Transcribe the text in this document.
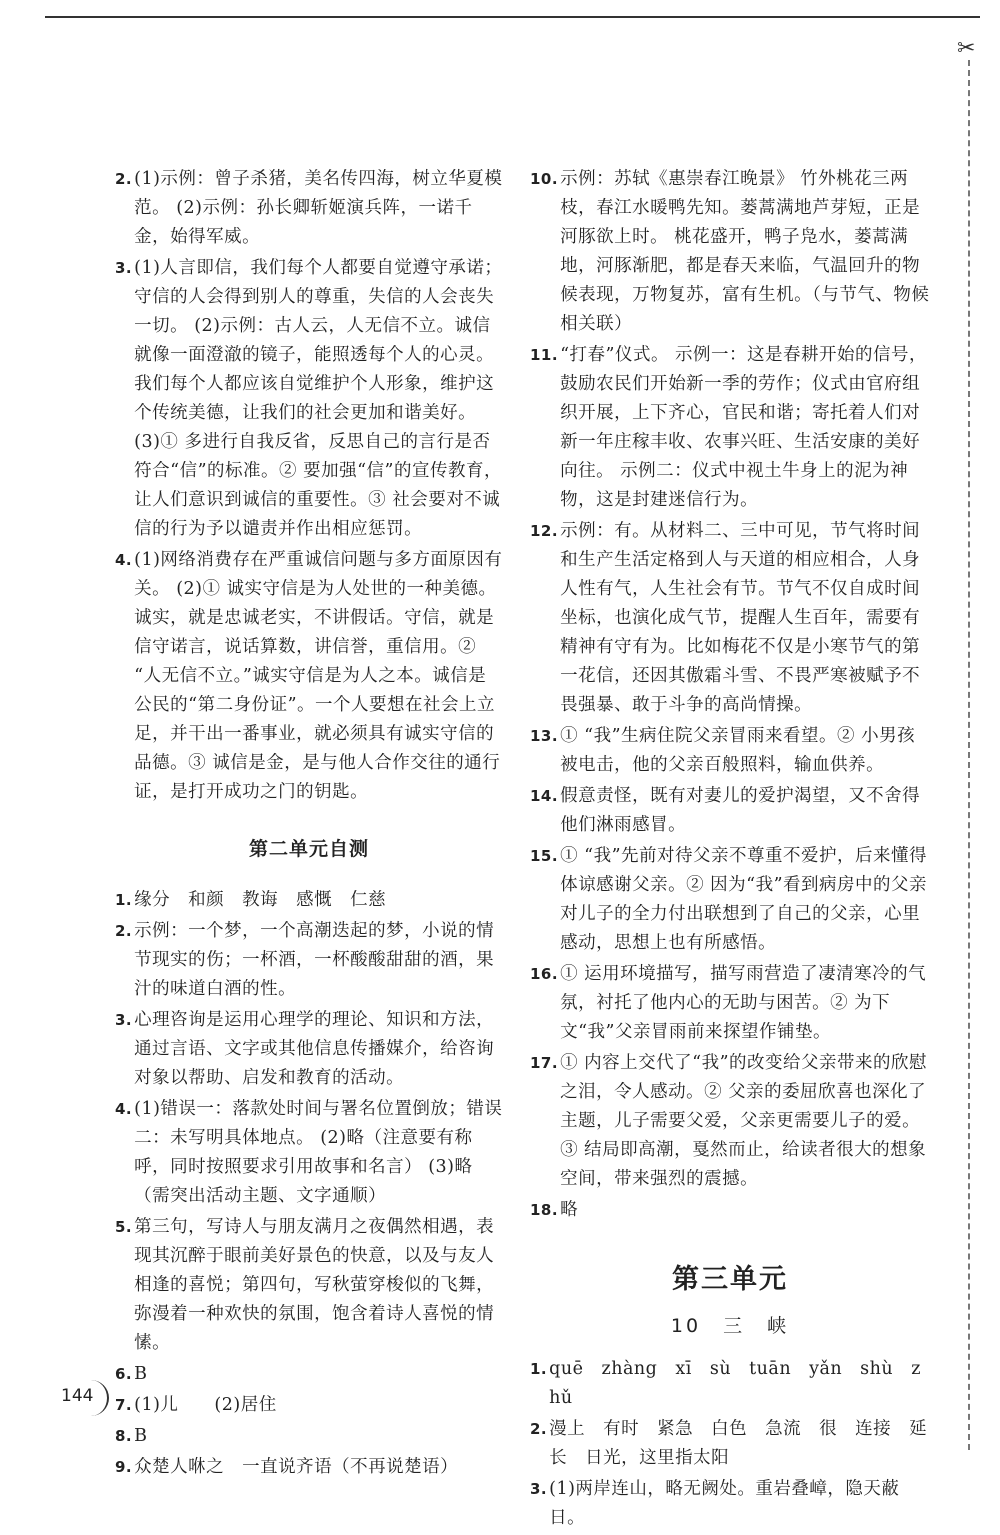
✂
2. (1)示例：曾子杀猪，美名传四海，树立华夏模范。 (2)示例：孙长卿斩姬演兵阵，一诺千金，始得军威。
3. (1)人言即信，我们每个人都要自觉遵守承诺；守信的人会得到别人的尊重，失信的人会丧失一切。 (2)示例：古人云，人无信不立。诚信就像一面澄澈的镜子，能照透每个人的心灵。我们每个人都应该自觉维护个人形象，维护这个传统美德，让我们的社会更加和谐美好。 (3)① 多进行自我反省，反思自己的言行是否符合“信”的标准。② 要加强“信”的宣传教育，让人们意识到诚信的重要性。③ 社会要对不诚信的行为予以谴责并作出相应惩罚。
4. (1)网络消费存在严重诚信问题与多方面原因有关。 (2)① 诚实守信是为人处世的一种美德。诚实，就是忠诚老实，不讲假话。守信，就是信守诺言，说话算数，讲信誉，重信用。② “人无信不立。”诚实守信是为人之本。诚信是公民的“第二身份证”。一个人要想在社会上立足，并干出一番事业，就必须具有诚实守信的品德。③ 诚信是金，是与他人合作交往的通行证，是打开成功之门的钥匙。
第二单元自测
1. 缘分　和颜　教诲　感慨　仁慈
2. 示例：一个梦，一个高潮迭起的梦，小说的情节现实的伤；一杯酒，一杯酸酸甜甜的酒，果汁的味道白酒的性。
3. 心理咨询是运用心理学的理论、知识和方法，通过言语、文字或其他信息传播媒介，给咨询对象以帮助、启发和教育的活动。
4. (1)错误一：落款处时间与署名位置倒放；错误二：未写明具体地点。 (2)略（注意要有称呼，同时按照要求引用故事和名言） (3)略（需突出活动主题、文字通顺）
5. 第三句，写诗人与朋友满月之夜偶然相遇，表现其沉醉于眼前美好景色的快意，以及与友人相逢的喜悦；第四句，写秋萤穿梭似的飞舞，弥漫着一种欢快的氛围，饱含着诗人喜悦的情愫。
6. B
7. (1)儿　　(2)居住
8. B
9. 众楚人咻之　一直说齐语（不再说楚语）
10. 示例：苏轼《惠崇春江晚景》 竹外桃花三两枝，春江水暖鸭先知。蒌蒿满地芦芽短，正是河豚欲上时。 桃花盛开，鸭子凫水，蒌蒿满地，河豚渐肥，都是春天来临，气温回升的物候表现，万物复苏，富有生机。（与节气、物候相关联）
11. “打春”仪式。 示例一：这是春耕开始的信号，鼓励农民们开始新一季的劳作；仪式由官府组织开展，上下齐心，官民和谐；寄托着人们对新一年庄稼丰收、农事兴旺、生活安康的美好向往。 示例二：仪式中视土牛身上的泥为神物，这是封建迷信行为。
12. 示例：有。从材料二、三中可见，节气将时间和生产生活定格到人与天道的相应相合，人身人性有气，人生社会有节。节气不仅自成时间坐标，也演化成气节，提醒人生百年，需要有精神有守有为。比如梅花不仅是小寒节气的第一花信，还因其傲霜斗雪、不畏严寒被赋予不畏强暴、敢于斗争的高尚情操。
13. ① “我”生病住院父亲冒雨来看望。② 小男孩被电击，他的父亲百般照料，输血供养。
14. 假意责怪，既有对妻儿的爱护渴望，又不舍得他们淋雨感冒。
15. ① “我”先前对待父亲不尊重不爱护，后来懂得体谅感谢父亲。② 因为“我”看到病房中的父亲对儿子的全力付出联想到了自己的父亲，心里感动，思想上也有所感悟。
16. ① 运用环境描写，描写雨营造了凄清寒冷的气氛，衬托了他内心的无助与困苦。② 为下文“我”父亲冒雨前来探望作铺垫。
17. ① 内容上交代了“我”的改变给父亲带来的欣慰之泪，令人感动。② 父亲的委屈欣喜也深化了主题，儿子需要父爱，父亲更需要儿子的爱。③ 结局即高潮，戛然而止，给读者很大的想象空间，带来强烈的震撼。
18. 略
第三单元
10　三　峡
1. quē　zhàng　xī　sù　tuān　yǎn　shù　zhǔ
2. 漫上　有时　紧急　白色　急流　很　连接　延长　日光，这里指太阳
3. (1)两岸连山，略无阙处。重岩叠嶂，隐天蔽日。
144
